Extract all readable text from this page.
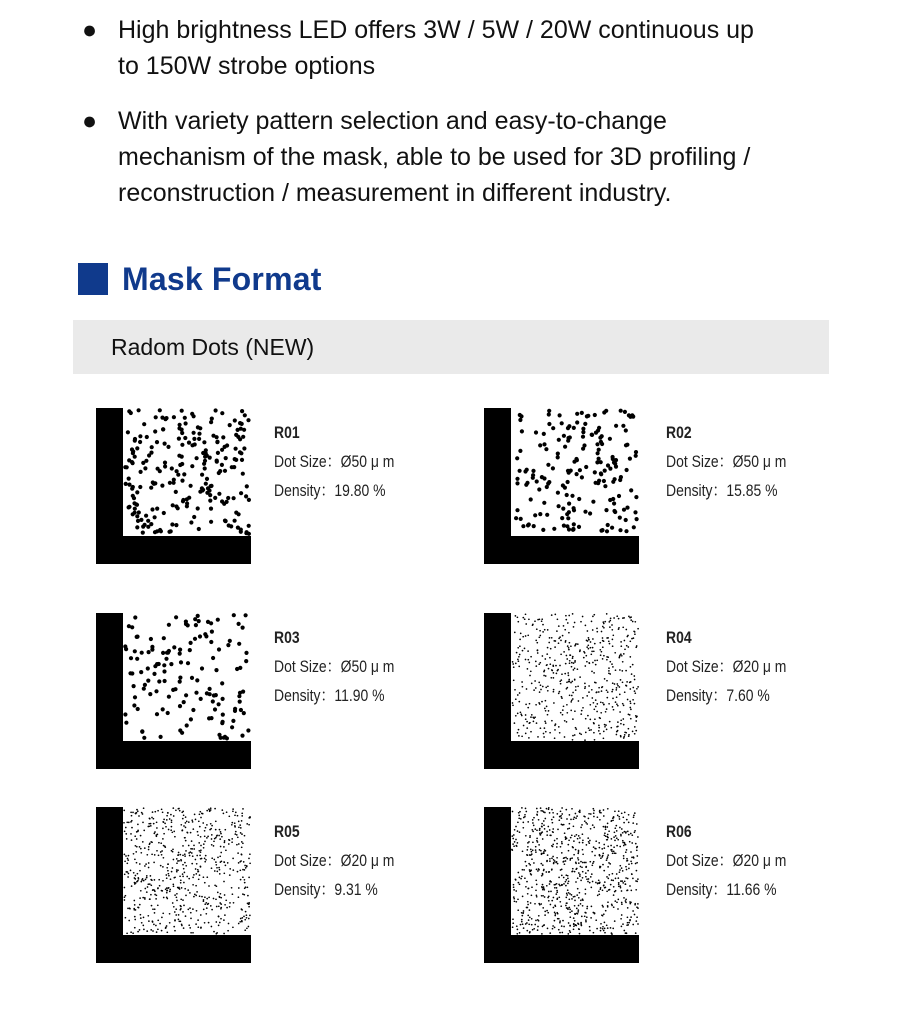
● High brightness LED offers 3W / 5W / 20W continuous up
to 150W strobe options
● With variety pattern selection and easy-to-change
mechanism of the mask, able to be used for 3D profiling /
reconstruction / measurement in different industry.
Mask Format
Radom Dots (NEW)
R01
Dot Size：Ø50 μ m
Density：19.80 %
R02
Dot Size：Ø50 μ m
Density：15.85 %
R03
Dot Size：Ø50 μ m
Density：11.90 %
R04
Dot Size：Ø20 μ m
Density：7.60 %
R05
Dot Size：Ø20 μ m
Density：9.31 %
R06
Dot Size：Ø20 μ m
Density：11.66 %
